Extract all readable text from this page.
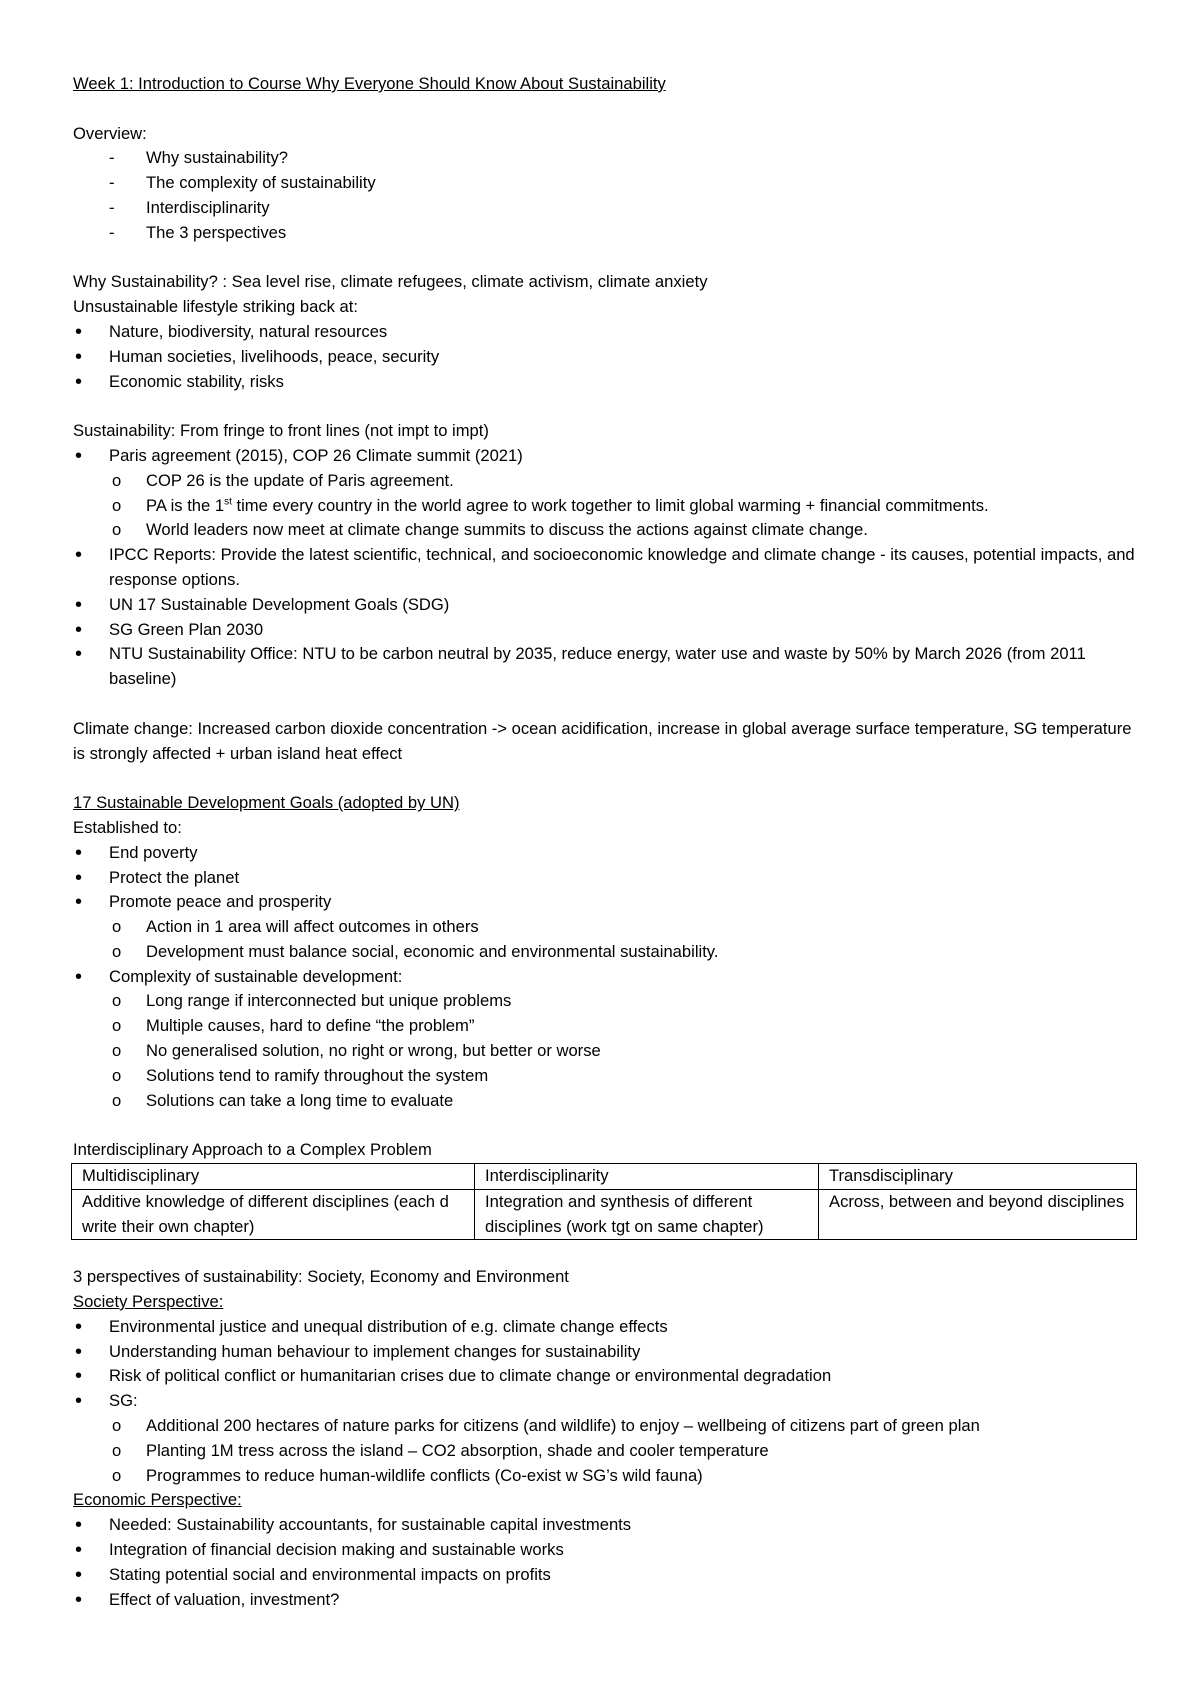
Week 1: Introduction to Course Why Everyone Should Know About Sustainability
Overview:
- Why sustainability?
- The complexity of sustainability
- Interdisciplinarity
- The 3 perspectives
Why Sustainability? : Sea level rise, climate refugees, climate activism, climate anxiety
Unsustainable lifestyle striking back at:
• Nature, biodiversity, natural resources
• Human societies, livelihoods, peace, security
• Economic stability, risks
Sustainability: From fringe to front lines (not impt to impt)
• Paris agreement (2015), COP 26 Climate summit (2021)
o COP 26 is the update of Paris agreement.
o PA is the 1st time every country in the world agree to work together to limit global warming + financial commitments.
o World leaders now meet at climate change summits to discuss the actions against climate change.
• IPCC Reports: Provide the latest scientific, technical, and socioeconomic knowledge and climate change - its causes, potential impacts, and response options.
• UN 17 Sustainable Development Goals (SDG)
• SG Green Plan 2030
• NTU Sustainability Office: NTU to be carbon neutral by 2035, reduce energy, water use and waste by 50% by March 2026 (from 2011 baseline)
Climate change: Increased carbon dioxide concentration -> ocean acidification, increase in global average surface temperature, SG temperature is strongly affected + urban island heat effect
17 Sustainable Development Goals (adopted by UN)
Established to:
• End poverty
• Protect the planet
• Promote peace and prosperity
o Action in 1 area will affect outcomes in others
o Development must balance social, economic and environmental sustainability.
• Complexity of sustainable development:
o Long range if interconnected but unique problems
o Multiple causes, hard to define “the problem”
o No generalised solution, no right or wrong, but better or worse
o Solutions tend to ramify throughout the system
o Solutions can take a long time to evaluate
Interdisciplinary Approach to a Complex Problem
Multidisciplinary	Interdisciplinarity	Transdisciplinary
Additive knowledge of different disciplines (each d write their own chapter)	Integration and synthesis of different disciplines (work tgt on same chapter)	Across, between and beyond disciplines
3 perspectives of sustainability: Society, Economy and Environment
Society Perspective:
• Environmental justice and unequal distribution of e.g. climate change effects
• Understanding human behaviour to implement changes for sustainability
• Risk of political conflict or humanitarian crises due to climate change or environmental degradation
• SG:
o Additional 200 hectares of nature parks for citizens (and wildlife) to enjoy – wellbeing of citizens part of green plan
o Planting 1M tress across the island – CO2 absorption, shade and cooler temperature
o Programmes to reduce human-wildlife conflicts (Co-exist w SG’s wild fauna)
Economic Perspective:
• Needed: Sustainability accountants, for sustainable capital investments
• Integration of financial decision making and sustainable works
• Stating potential social and environmental impacts on profits
• Effect of valuation, investment?
